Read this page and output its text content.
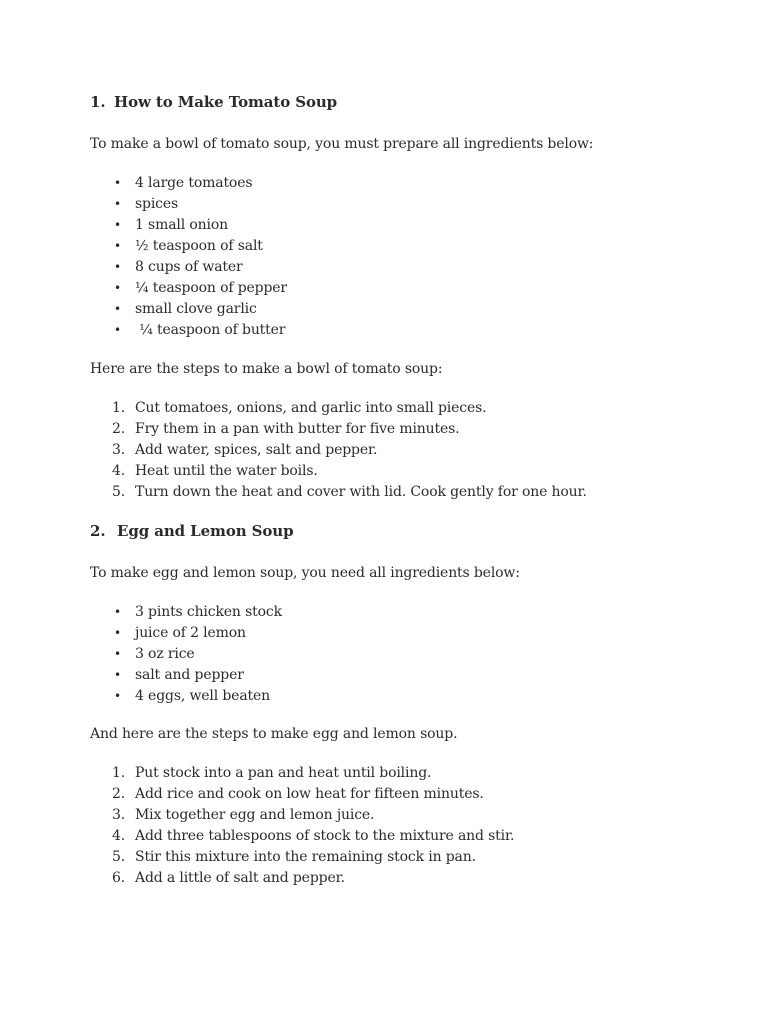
1. How to Make Tomato Soup

To make a bowl of tomato soup, you must prepare all ingredients below:

•	4 large tomatoes
•	spices
•	1 small onion
•	½ teaspoon of salt
•	8 cups of water
•	¼ teaspoon of pepper
•	small clove garlic
•	¼ teaspoon of butter

Here are the steps to make a bowl of tomato soup:

1. Cut tomatoes, onions, and garlic into small pieces.
2. Fry them in a pan with butter for five minutes.
3. Add water, spices, salt and pepper.
4. Heat until the water boils.
5. Turn down the heat and cover with lid. Cook gently for one hour.
2. Egg and Lemon Soup

To make egg and lemon soup, you need all ingredients below:

•	3 pints chicken stock
•	juice of 2 lemon
•	3 oz rice
•	salt and pepper
•	4 eggs, well beaten

And here are the steps to make egg and lemon soup.

1. Put stock into a pan and heat until boiling.
2. Add rice and cook on low heat for fifteen minutes.
3. Mix together egg and lemon juice.
4. Add three tablespoons of stock to the mixture and stir.
5. Stir this mixture into the remaining stock in pan.
6. Add a little of salt and pepper.
